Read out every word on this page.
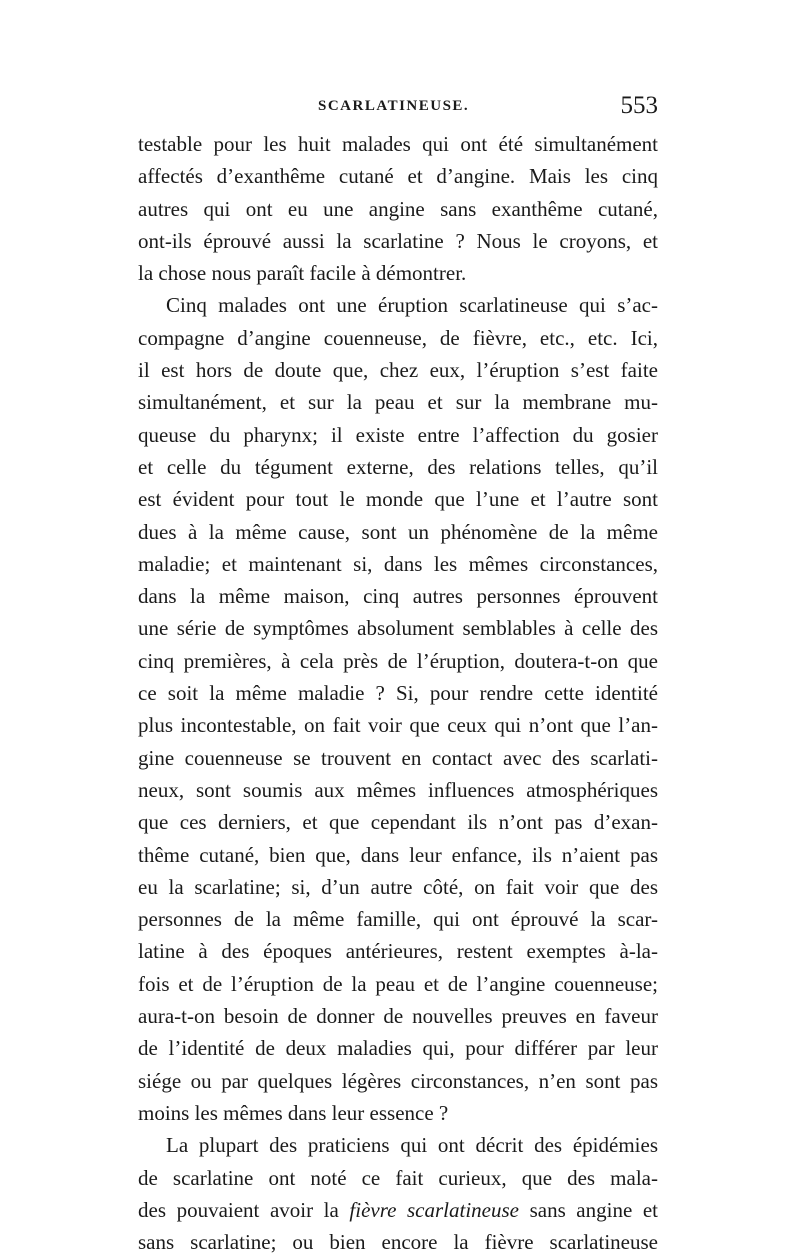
SCARLATINEUSE.	553
testable pour les huit malades qui ont été simultanément
affectés d’exanthême cutané et d’angine. Mais les cinq
autres qui ont eu une angine sans exanthême cutané,
ont-ils éprouvé aussi la scarlatine ? Nous le croyons, et
la chose nous paraît facile à démontrer.
Cinq malades ont une éruption scarlatineuse qui s’ac-
compagne d’angine couenneuse, de fièvre, etc., etc. Ici,
il est hors de doute que, chez eux, l’éruption s’est faite
simultanément, et sur la peau et sur la membrane mu-
queuse du pharynx; il existe entre l’affection du gosier
et celle du tégument externe, des relations telles, qu’il
est évident pour tout le monde que l’une et l’autre sont
dues à la même cause, sont un phénomène de la même
maladie; et maintenant si, dans les mêmes circonstances,
dans la même maison, cinq autres personnes éprouvent
une série de symptômes absolument semblables à celle des
cinq premières, à cela près de l’éruption, doutera-t-on que
ce soit la même maladie ? Si, pour rendre cette identité
plus incontestable, on fait voir que ceux qui n’ont que l’an-
gine couenneuse se trouvent en contact avec des scarlati-
neux, sont soumis aux mêmes influences atmosphériques
que ces derniers, et que cependant ils n’ont pas d’exan-
thême cutané, bien que, dans leur enfance, ils n’aient pas
eu la scarlatine; si, d’un autre côté, on fait voir que des
personnes de la même famille, qui ont éprouvé la scar-
latine à des époques antérieures, restent exemptes à-la-
fois et de l’éruption de la peau et de l’angine couenneuse;
aura-t-on besoin de donner de nouvelles preuves en faveur
de l’identité de deux maladies qui, pour différer par leur
siége ou par quelques légères circonstances, n’en sont pas
moins les mêmes dans leur essence ?
La plupart des praticiens qui ont décrit des épidémies
de scarlatine ont noté ce fait curieux, que des mala-
des pouvaient avoir la fièvre scarlatineuse sans angine et
sans scarlatine; ou bien encore la fièvre scarlatineuse
